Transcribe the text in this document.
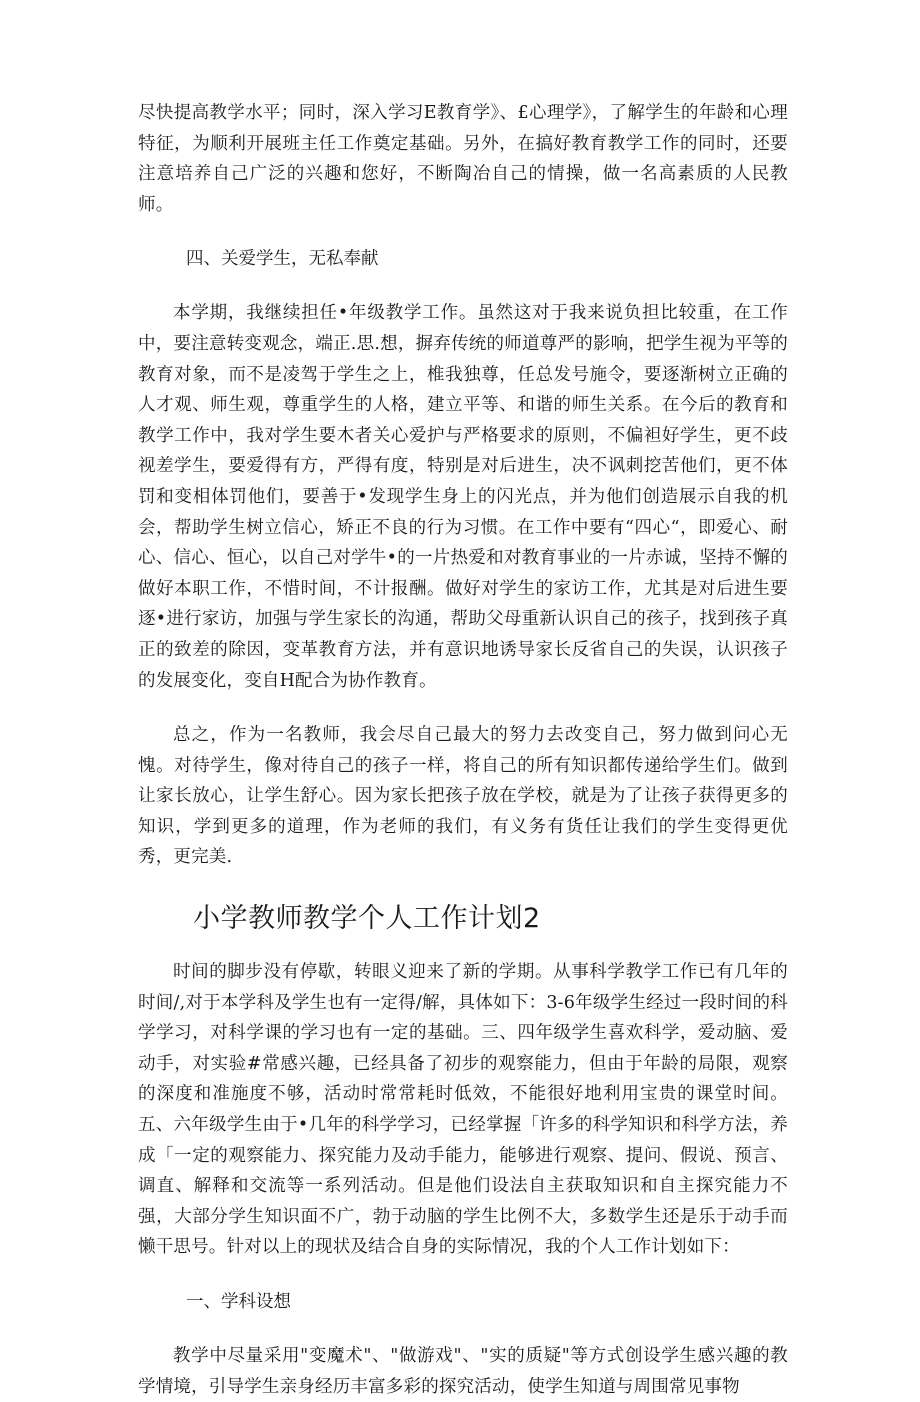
尽快提高教学水平；同时，深入学习E教育学》、£心理学》，了解学生的年龄和心理特征，为顺利开展班主任工作奠定基础。另外，在搞好教育教学工作的同时，还要注意培养自己广泛的兴趣和您好，不断陶冶自己的情操，做一名高素质的人民教师。

四、关爱学生，无私奉献

本学期，我继续担任•年级教学工作。虽然这对于我来说负担比较重，在工作中，要注意转变观念，端正.思.想，摒弃传统的师道尊严的影响，把学生视为平等的教育对象，而不是凌驾于学生之上，椎我独尊，任总发号施令，要逐渐树立正确的人才观、师生观，尊重学生的人格，建立平等、和谐的师生关系。在今后的教育和教学工作中，我对学生要木者关心爱护与严格要求的原则，不偏袒好学生，更不歧视差学生，要爱得有方，严得有度，特别是对后进生，决不讽刺挖苦他们，更不体罚和变相体罚他们，要善于•发现学生身上的闪光点，并为他们创造展示自我的机会，帮助学生树立信心，矫正不良的行为习惯。在工作中要有“四心“，即爱心、耐心、信心、恒心，以自己对学牛•的一片热爱和对教育事业的一片赤诚，坚持不懈的做好本职工作，不惜时间，不计报酬。做好对学生的家访工作，尤其是对后进生要逐•进行家访，加强与学生家长的沟通，帮助父母重新认识自己的孩子，找到孩子真正的致差的除因，变革教育方法，并有意识地诱导家长反省自己的失误，认识孩子的发展变化，变自H配合为协作教育。

总之，作为一名教师，我会尽自己最大的努力去改变自己，努力做到问心无愧。对待学生，像对待自己的孩子一样，将自己的所有知识都传递给学生们。做到让家长放心，让学生舒心。因为家长把孩子放在学校，就是为了让孩子获得更多的知识，学到更多的道理，作为老师的我们，有义务有货任让我们的学生变得更优秀，更完美.

小学教师教学个人工作计划2

时间的脚步没有停歇，转眼义迎来了新的学期。从事科学教学工作已有几年的时间/,对于本学科及学生也有一定得/解，具体如下：3-6年级学生经过一段时间的科学学习，对科学课的学习也有一定的基础。三、四年级学生喜欢科学，爱动脑、爱动手，对实验#常感兴趣，已经具备了初步的观察能力，但由于年龄的局限，观察的深度和准施度不够，活动时常常耗时低效，不能很好地利用宝贵的课堂时间。五、六年级学生由于•几年的科学学习，已经掌握「许多的科学知识和科学方法，养成「一定的观察能力、探究能力及动手能力，能够进行观察、提问、假说、预言、调直、解释和交流等一系列活动。但是他们设法自主获取知识和自主探究能力不强，大部分学生知识面不广，勃于动脑的学生比例不大，多数学生还是乐于动手而懒干思号。针对以上的现状及结合自身的实际情况，我的个人工作计划如下：

一、学科设想

教学中尽量采用"变魔术"、"做游戏"、"实的质疑"等方式创设学生感兴趣的教学情境，引导学生亲身经历丰富多彩的探究活动，使学生知道与周围常见事物
